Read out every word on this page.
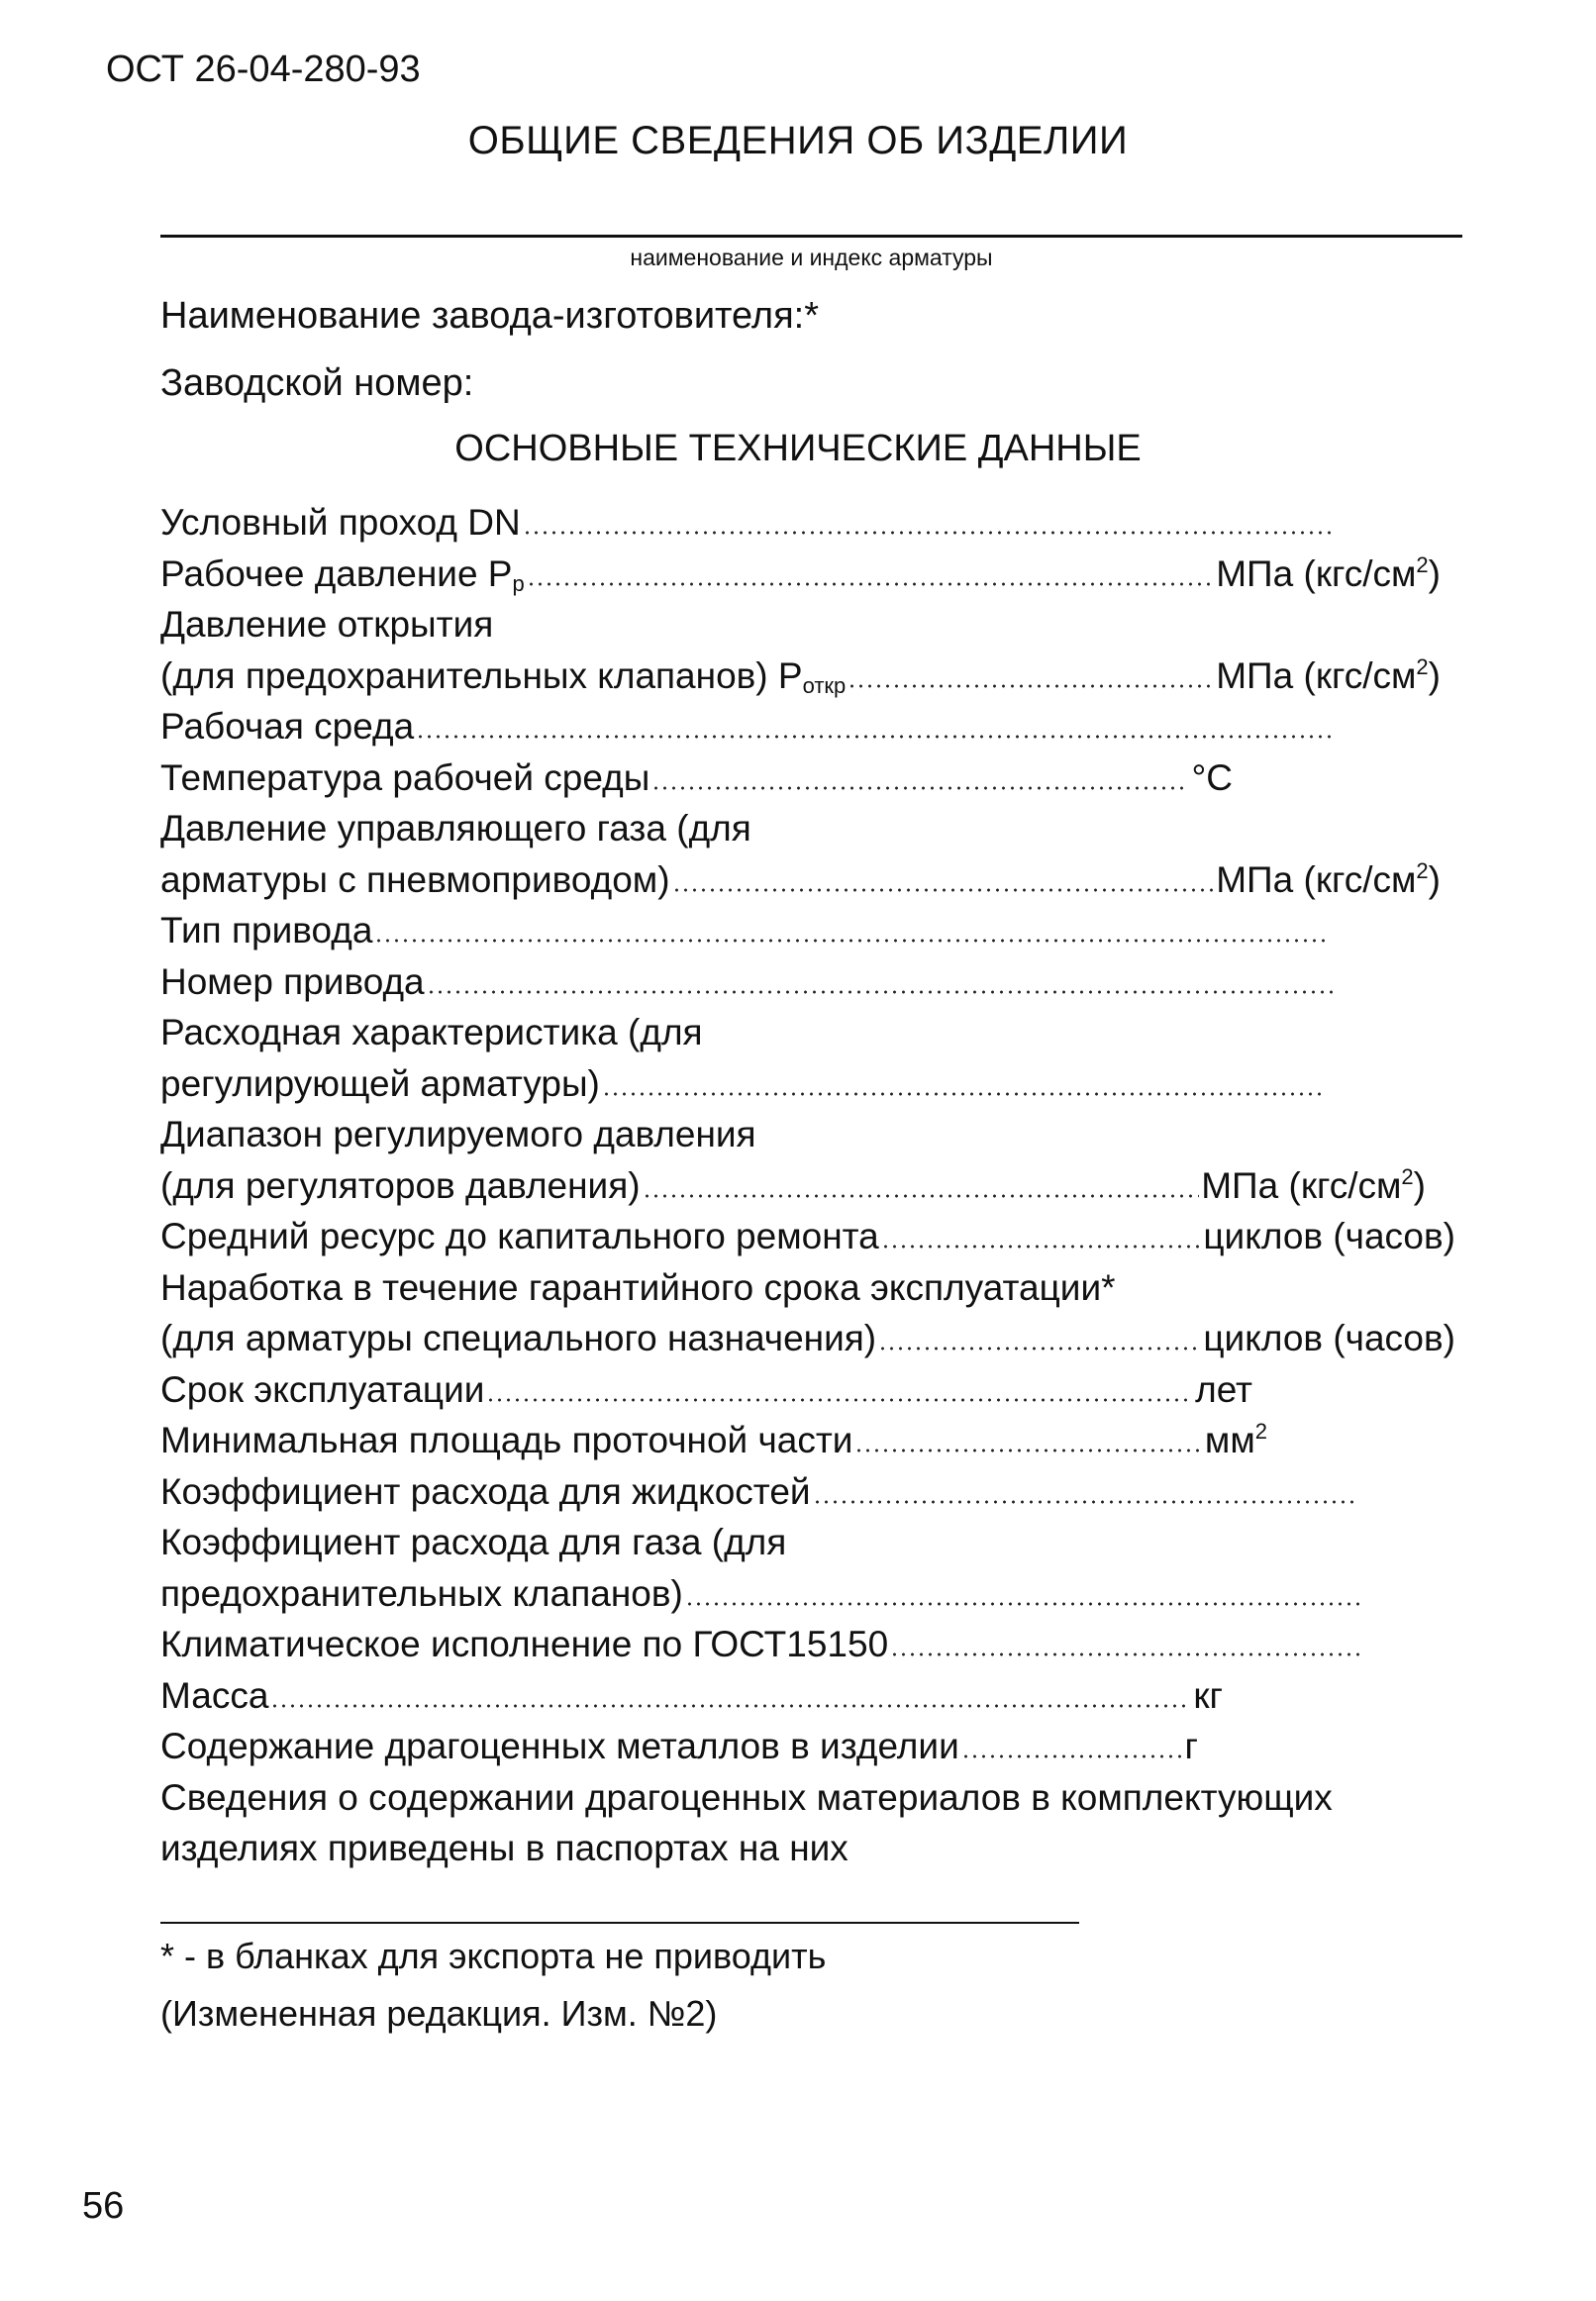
ОСТ 26-04-280-93
ОБЩИЕ СВЕДЕНИЯ ОБ ИЗДЕЛИИ
наименование и индекс арматуры
Наименование завода-изготовителя:*
Заводской номер:
ОСНОВНЫЕ ТЕХНИЧЕСКИЕ ДАННЫЕ
Условный проход DN
Рабочее давление $P_р$	МПа $(кгс/см^2)$
Давление открытия
(для предохранительных клапанов) $P_{откр}$	МПа $(кгс/см^2)$
Рабочая среда
Температура рабочей среды	°C
Давление управляющего газа (для
арматуры с пневмоприводом)	МПа $(кгс/см^2)$
Тип привода
Номер привода
Расходная характеристика (для
регулирующей арматуры)
Диапазон регулируемого давления
(для регуляторов давления)	МПа $(кгс/см^2)$
Средний ресурс до капитального ремонта	циклов (часов)
Наработка в течение гарантийного срока эксплуатации*
(для арматуры специального назначения)	циклов (часов)
Срок эксплуатации	лет
Минимальная площадь проточной части	$мм^2$
Коэффициент расхода для жидкостей
Коэффициент расхода для газа (для
предохранительных клапанов)
Климатическое исполнение по ГОСТ15150
Масса	кг
Содержание драгоценных металлов в изделии	г
Сведения о содержании драгоценных материалов в комплектующих
изделиях приведены в паспортах на них
* - в бланках для экспорта не приводить
(Измененная редакция. Изм. №2)
56
